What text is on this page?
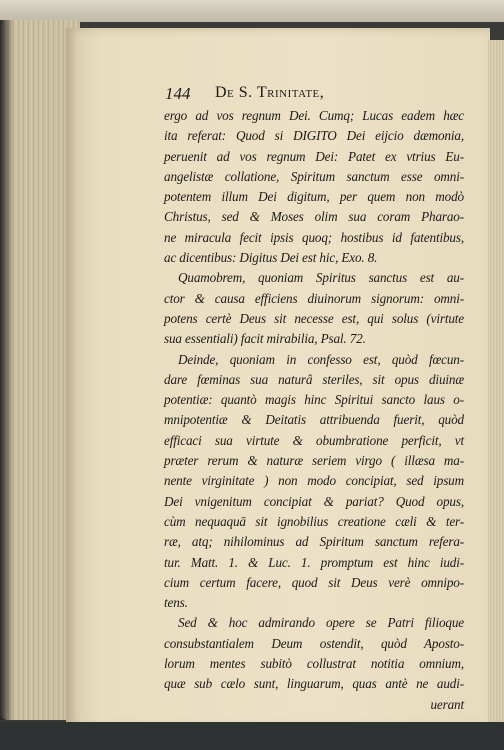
144 De S. Trinitate,
ergo ad vos regnum Dei. Cumq; Lucas eadem hæc
ita referat: Quod si DIGITO Dei eijcio dæmonia,
peruenit ad vos regnum Dei: Patet ex vtrius Eu-
angelistæ collatione, Spiritum sanctum esse omni-
potentem illum Dei digitum, per quem non modò
Christus, sed & Moses olim sua coram Pharao-
ne miracula fecit ipsis quoq; hostibus id fatentibus,
ac dicentibus: Digitus Dei est hic, Exo. 8.
Quamobrem, quoniam Spiritus sanctus est au-
ctor & causa efficiens diuinorum signorum: omni-
potens certè Deus sit necesse est, qui solus (virtute
sua essentiali) facit mirabilia, Psal. 72.
Deinde, quoniam in confesso est, quòd fœcun-
dare fœminas sua naturâ steriles, sit opus diuinæ
potentiæ: quantò magis hinc Spiritui sancto laus o-
mnipotentiæ & Deitatis attribuenda fuerit, quòd
efficaci sua virtute & obumbratione perficit, vt
præter rerum & naturæ seriem virgo ( illæsa ma-
nente virginitate ) non modo concipiat, sed ipsum
Dei vnigenitum concipiat & pariat? Quod opus,
cùm nequaquā sit ignobilius creatione cæli & ter-
ræ, atq; nihilominus ad Spiritum sanctum refera-
tur. Matt. 1. & Luc. 1. promptum est hinc iudi-
cium certum facere, quod sit Deus verè omnipo-
tens.
Sed & hoc admirando opere se Patri filioque
consubstantialem Deum ostendit, quòd Aposto-
lorum mentes subitò collustrat notitia omnium,
quæ sub cælo sunt, linguarum, quas antè ne audi-
uerant
